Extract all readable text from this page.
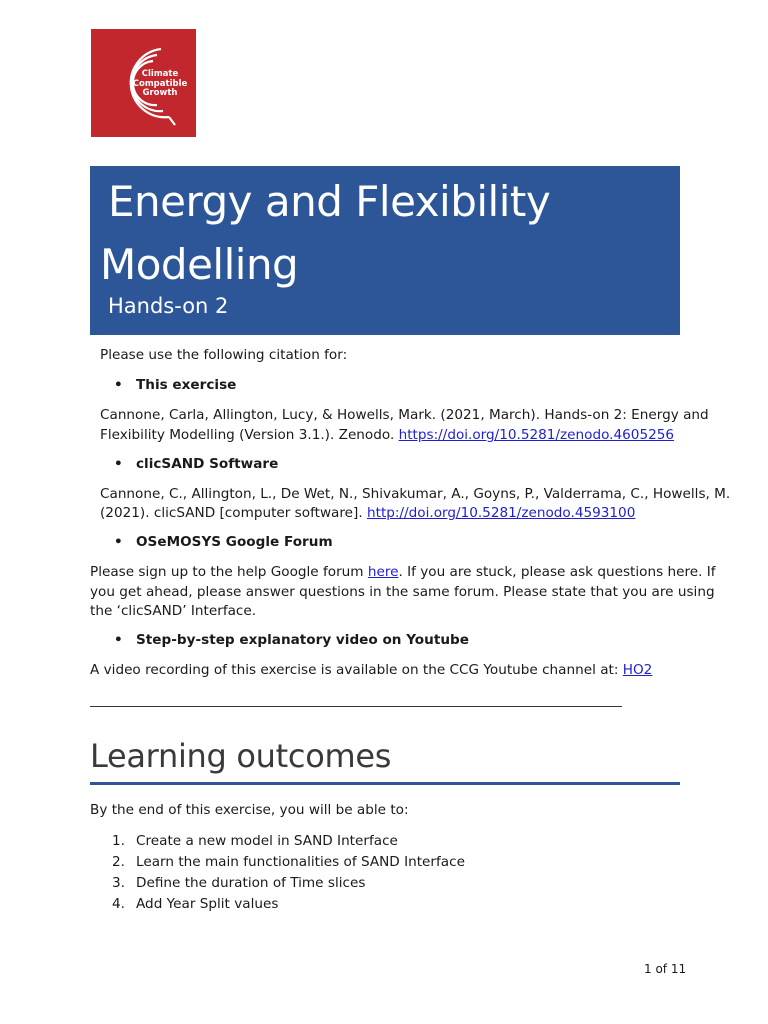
Climate
Compatible
Growth
Energy and Flexibility
Modelling
Hands-on 2
Please use the following citation for:
• This exercise
Cannone, Carla, Allington, Lucy, & Howells, Mark. (2021, March). Hands-on 2: Energy and
Flexibility Modelling (Version 3.1.). Zenodo. https://doi.org/10.5281/zenodo.4605256
• clicSAND Software
Cannone, C., Allington, L., De Wet, N., Shivakumar, A., Goyns, P., Valderrama, C., Howells, M.
(2021). clicSAND [computer software]. http://doi.org/10.5281/zenodo.4593100
• OSeMOSYS Google Forum
Please sign up to the help Google forum here. If you are stuck, please ask questions here. If
you get ahead, please answer questions in the same forum. Please state that you are using
the ‘clicSAND’ Interface.
• Step-by-step explanatory video on Youtube
A video recording of this exercise is available on the CCG Youtube channel at: HO2
Learning outcomes
By the end of this exercise, you will be able to:
1. Create a new model in SAND Interface
2. Learn the main functionalities of SAND Interface
3. Define the duration of Time slices
4. Add Year Split values
1 of 11
